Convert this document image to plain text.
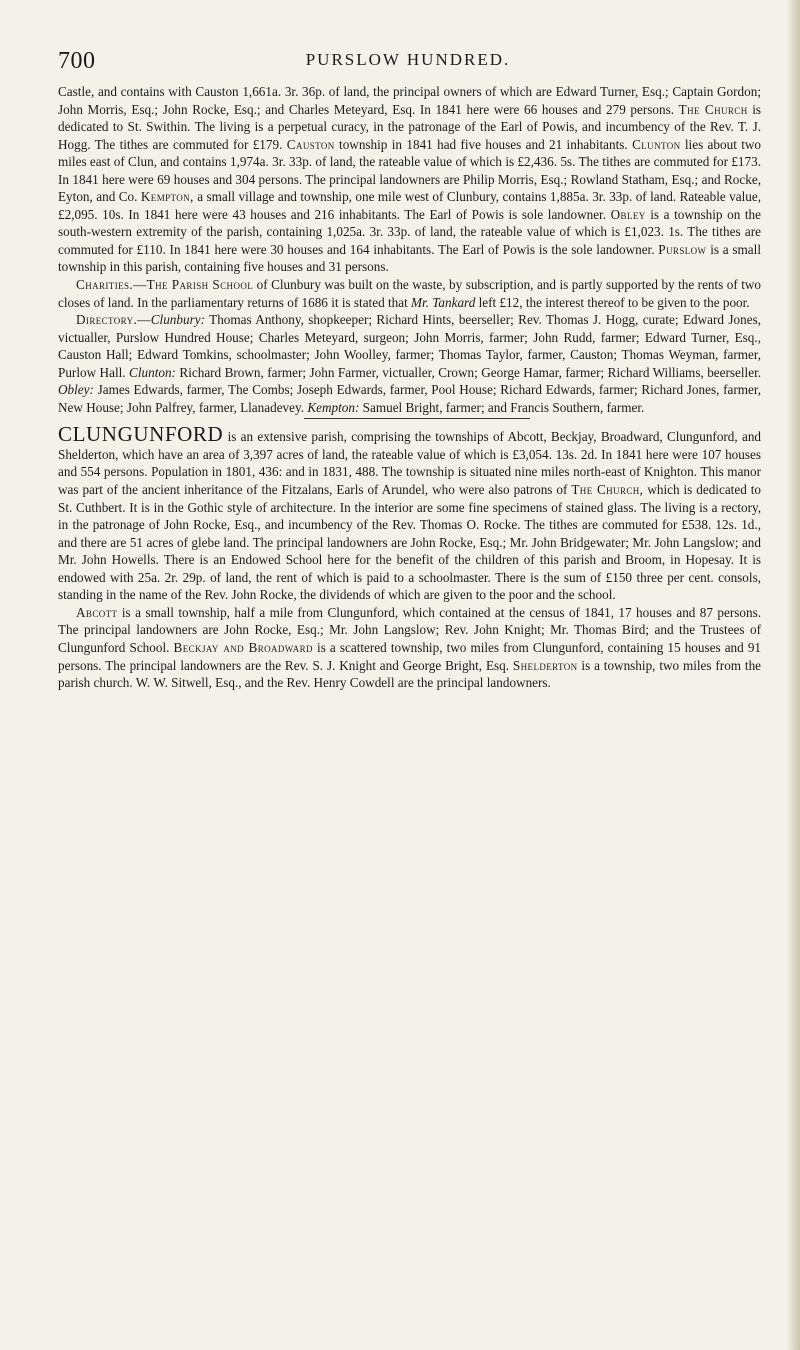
700	PURSLOW HUNDRED.

Castle, and contains with Causton 1,661a. 3r. 36p. of land, the principal owners of which are Edward Turner, Esq.; Captain Gordon; John Morris, Esq.; John Rocke, Esq.; and Charles Meteyard, Esq. In 1841 here were 66 houses and 279 persons. The Church is dedicated to St. Swithin. The living is a perpetual curacy, in the patronage of the Earl of Powis, and incumbency of the Rev. T. J. Hogg. The tithes are commuted for £179. Causton township in 1841 had five houses and 21 inhabitants. Clunton lies about two miles east of Clun, and contains 1,974a. 3r. 33p. of land, the rateable value of which is £2,436. 5s. The tithes are commuted for £173. In 1841 here were 69 houses and 304 persons. The principal landowners are Philip Morris, Esq.; Rowland Statham, Esq.; and Rocke, Eyton, and Co. Kempton, a small village and township, one mile west of Clunbury, contains 1,885a. 3r. 33p. of land. Rateable value, £2,095. 10s. In 1841 here were 43 houses and 216 inhabitants. The Earl of Powis is sole landowner. Obley is a township on the south-western extremity of the parish, containing 1,025a. 3r. 33p. of land, the rateable value of which is £1,023. 1s. The tithes are commuted for £110. In 1841 here were 30 houses and 164 inhabitants. The Earl of Powis is the sole landowner. Purslow is a small township in this parish, containing five houses and 31 persons.

Charities.—The Parish School of Clunbury was built on the waste, by subscription, and is partly supported by the rents of two closes of land. In the parliamentary returns of 1686 it is stated that Mr. Tankard left £12, the interest thereof to be given to the poor.

Directory.—Clunbury: Thomas Anthony, shopkeeper; Richard Hints, beerseller; Rev. Thomas J. Hogg, curate; Edward Jones, victualler, Purslow Hundred House; Charles Meteyard, surgeon; John Morris, farmer; John Rudd, farmer; Edward Turner, Esq., Causton Hall; Edward Tomkins, schoolmaster; John Woolley, farmer; Thomas Taylor, farmer, Causton; Thomas Weyman, farmer, Purlow Hall. Clunton: Richard Brown, farmer; John Farmer, victualler, Crown; George Hamar, farmer; Richard Williams, beerseller. Obley: James Edwards, farmer, The Combs; Joseph Edwards, farmer, Pool House; Richard Edwards, farmer; Richard Jones, farmer, New House; John Palfrey, farmer, Llanadevey. Kempton: Samuel Bright, farmer; and Francis Southern, farmer.

CLUNGUNFORD is an extensive parish, comprising the townships of Abcott, Beckjay, Broadward, Clungunford, and Shelderton, which have an area of 3,397 acres of land, the rateable value of which is £3,054. 13s. 2d. In 1841 here were 107 houses and 554 persons. Population in 1801, 436: and in 1831, 488. The township is situated nine miles north-east of Knighton. This manor was part of the ancient inheritance of the Fitzalans, Earls of Arundel, who were also patrons of The Church, which is dedicated to St. Cuthbert. It is in the Gothic style of architecture. In the interior are some fine specimens of stained glass. The living is a rectory, in the patronage of John Rocke, Esq., and incumbency of the Rev. Thomas O. Rocke. The tithes are commuted for £538. 12s. 1d., and there are 51 acres of glebe land. The principal landowners are John Rocke, Esq.; Mr. John Bridgewater; Mr. John Langslow; and Mr. John Howells. There is an Endowed School here for the benefit of the children of this parish and Broom, in Hopesay. It is endowed with 25a. 2r. 29p. of land, the rent of which is paid to a schoolmaster. There is the sum of £150 three per cent. consols, standing in the name of the Rev. John Rocke, the dividends of which are given to the poor and the school.

Abcott is a small township, half a mile from Clungunford, which contained at the census of 1841, 17 houses and 87 persons. The principal landowners are John Rocke, Esq.; Mr. John Langslow; Rev. John Knight; Mr. Thomas Bird; and the Trustees of Clungunford School. Beckjay and Broadward is a scattered township, two miles from Clungunford, containing 15 houses and 91 persons. The principal landowners are the Rev. S. J. Knight and George Bright, Esq. Shelderton is a township, two miles from the parish church. W. W. Sitwell, Esq., and the Rev. Henry Cowdell are the principal landowners.
